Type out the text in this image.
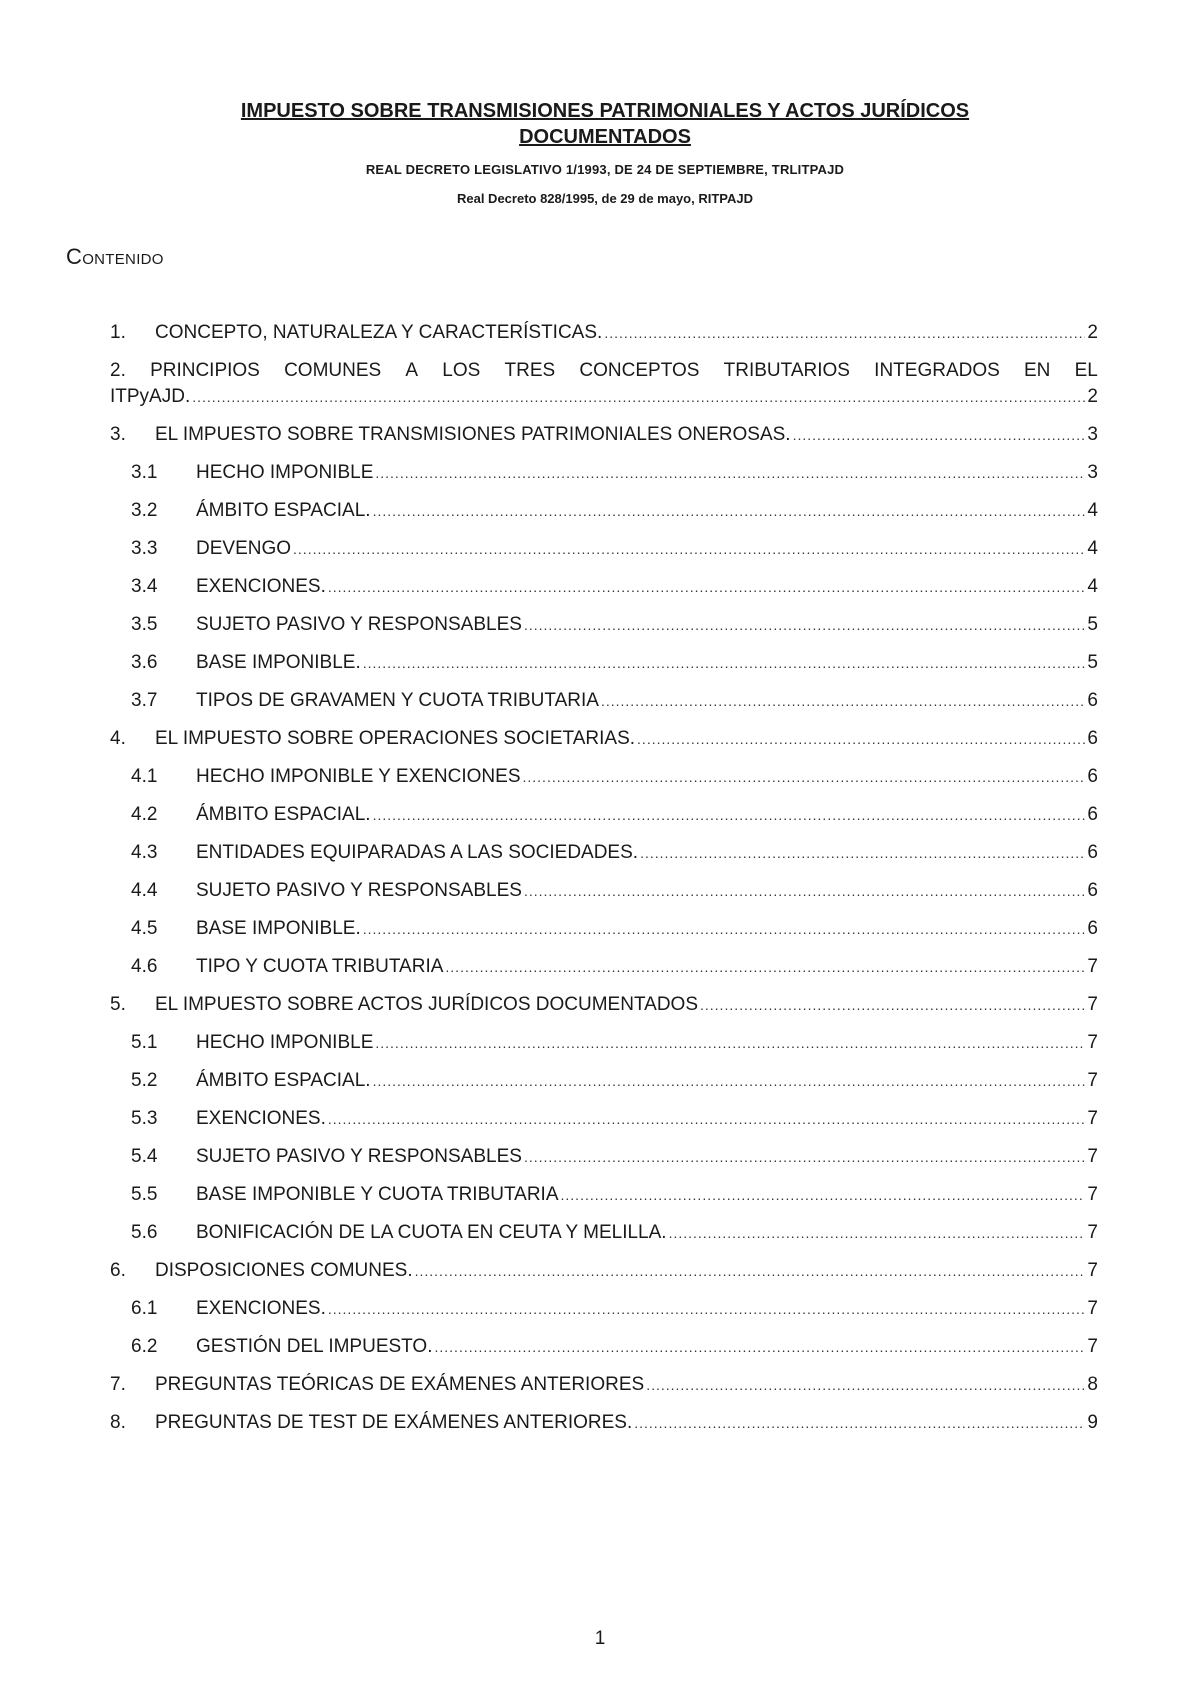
IMPUESTO SOBRE TRANSMISIONES PATRIMONIALES Y ACTOS JURÍDICOS
DOCUMENTADOS
REAL DECRETO LEGISLATIVO 1/1993, DE 24 DE SEPTIEMBRE, TRLITPAJD
Real Decreto 828/1995, de 29 de mayo, RITPAJD
Contenido
1.	CONCEPTO, NATURALEZA Y CARACTERÍSTICAS. .....	2
2. PRINCIPIOS COMUNES A LOS TRES CONCEPTOS TRIBUTARIOS INTEGRADOS EN EL
ITPyAJD. .....	2
3.	EL IMPUESTO SOBRE TRANSMISIONES PATRIMONIALES ONEROSAS. .....	3
3.1	HECHO IMPONIBLE .....	3
3.2	ÁMBITO ESPACIAL. .....	4
3.3	DEVENGO .....	4
3.4	EXENCIONES. .....	4
3.5	SUJETO PASIVO Y RESPONSABLES .....	5
3.6	BASE IMPONIBLE. .....	5
3.7	TIPOS DE GRAVAMEN Y CUOTA TRIBUTARIA .....	6
4.	EL IMPUESTO SOBRE OPERACIONES SOCIETARIAS. .....	6
4.1	HECHO IMPONIBLE Y EXENCIONES .....	6
4.2	ÁMBITO ESPACIAL. .....	6
4.3	ENTIDADES EQUIPARADAS A LAS SOCIEDADES. .....	6
4.4	SUJETO PASIVO Y RESPONSABLES .....	6
4.5	BASE IMPONIBLE. .....	6
4.6	TIPO Y CUOTA TRIBUTARIA .....	7
5.	EL IMPUESTO SOBRE ACTOS JURÍDICOS DOCUMENTADOS .....	7
5.1	HECHO IMPONIBLE .....	7
5.2	ÁMBITO ESPACIAL. .....	7
5.3	EXENCIONES. .....	7
5.4	SUJETO PASIVO Y RESPONSABLES .....	7
5.5	BASE IMPONIBLE Y CUOTA TRIBUTARIA .....	7
5.6	BONIFICACIÓN DE LA CUOTA EN CEUTA Y MELILLA. .....	7
6.	DISPOSICIONES COMUNES. .....	7
6.1	EXENCIONES. .....	7
6.2	GESTIÓN DEL IMPUESTO. .....	7
7.	PREGUNTAS TEÓRICAS DE EXÁMENES ANTERIORES .....	8
8.	PREGUNTAS DE TEST DE EXÁMENES ANTERIORES. .....	9
1
